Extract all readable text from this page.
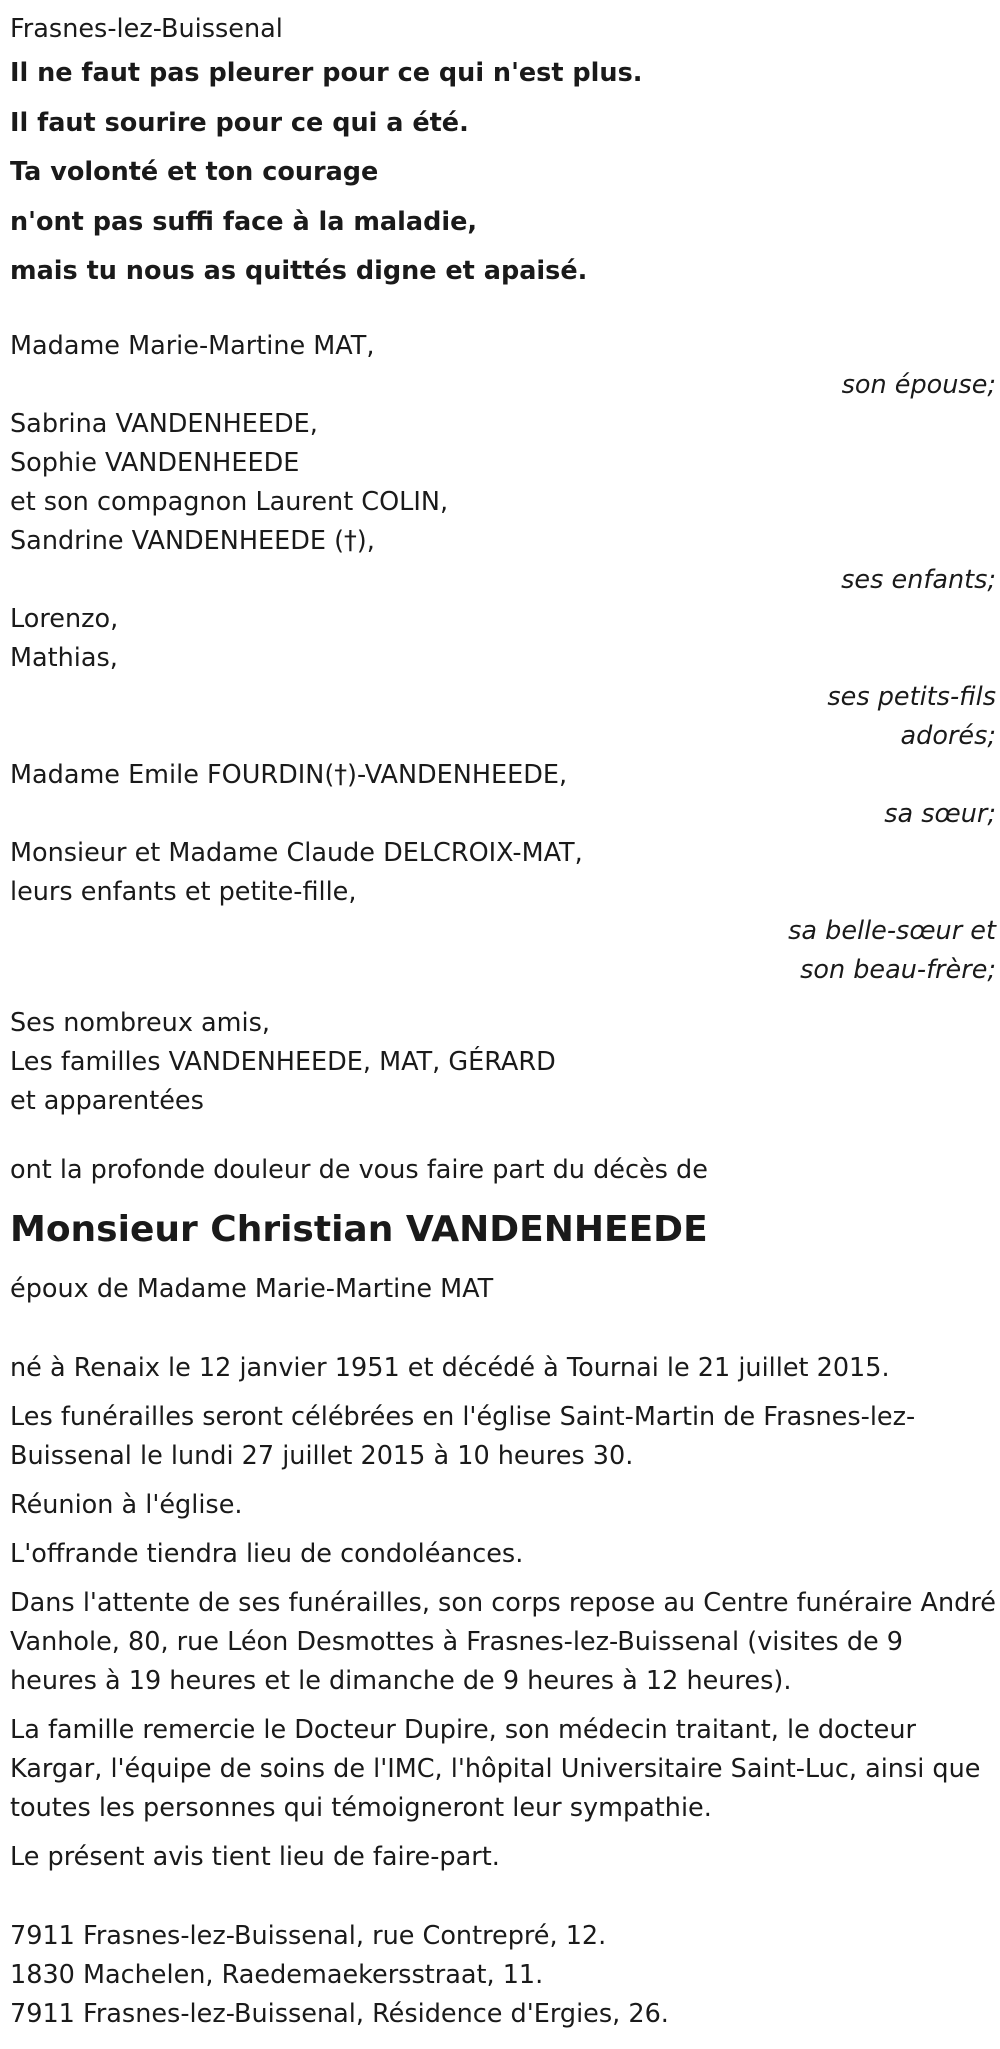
Frasnes-lez-Buissenal
Il ne faut pas pleurer pour ce qui n'est plus.
Il faut sourire pour ce qui a été.
Ta volonté et ton courage
n'ont pas suffi face à la maladie,
mais tu nous as quittés digne et apaisé.
Madame Marie-Martine MAT,
son épouse;
Sabrina VANDENHEEDE,
Sophie VANDENHEEDE
et son compagnon Laurent COLIN,
Sandrine VANDENHEEDE (†),
ses enfants;
Lorenzo,
Mathias,
ses petits-fils
adorés;
Madame Emile FOURDIN(†)-VANDENHEEDE,
sa sœur;
Monsieur et Madame Claude DELCROIX-MAT,
leurs enfants et petite-fille,
sa belle-sœur et
son beau-frère;
Ses nombreux amis,
Les familles VANDENHEEDE, MAT, GÉRARD
et apparentées
ont la profonde douleur de vous faire part du décès de
Monsieur Christian VANDENHEEDE
époux de Madame Marie-Martine MAT
né à Renaix le 12 janvier 1951 et décédé à Tournai le 21 juillet 2015.
Les funérailles seront célébrées en l'église Saint-Martin de Frasnes-lez-Buissenal le lundi 27 juillet 2015 à 10 heures 30.
Réunion à l'église.
L'offrande tiendra lieu de condoléances.
Dans l'attente de ses funérailles, son corps repose au Centre funéraire André Vanhole, 80, rue Léon Desmottes à Frasnes-lez-Buissenal (visites de 9 heures à 19 heures et le dimanche de 9 heures à 12 heures).
La famille remercie le Docteur Dupire, son médecin traitant, le docteur Kargar, l'équipe de soins de l'IMC, l'hôpital Universitaire Saint-Luc, ainsi que toutes les personnes qui témoigneront leur sympathie.
Le présent avis tient lieu de faire-part.
7911 Frasnes-lez-Buissenal, rue Contrepré, 12.
1830 Machelen, Raedemaekersstraat, 11.
7911 Frasnes-lez-Buissenal, Résidence d'Ergies, 26.
